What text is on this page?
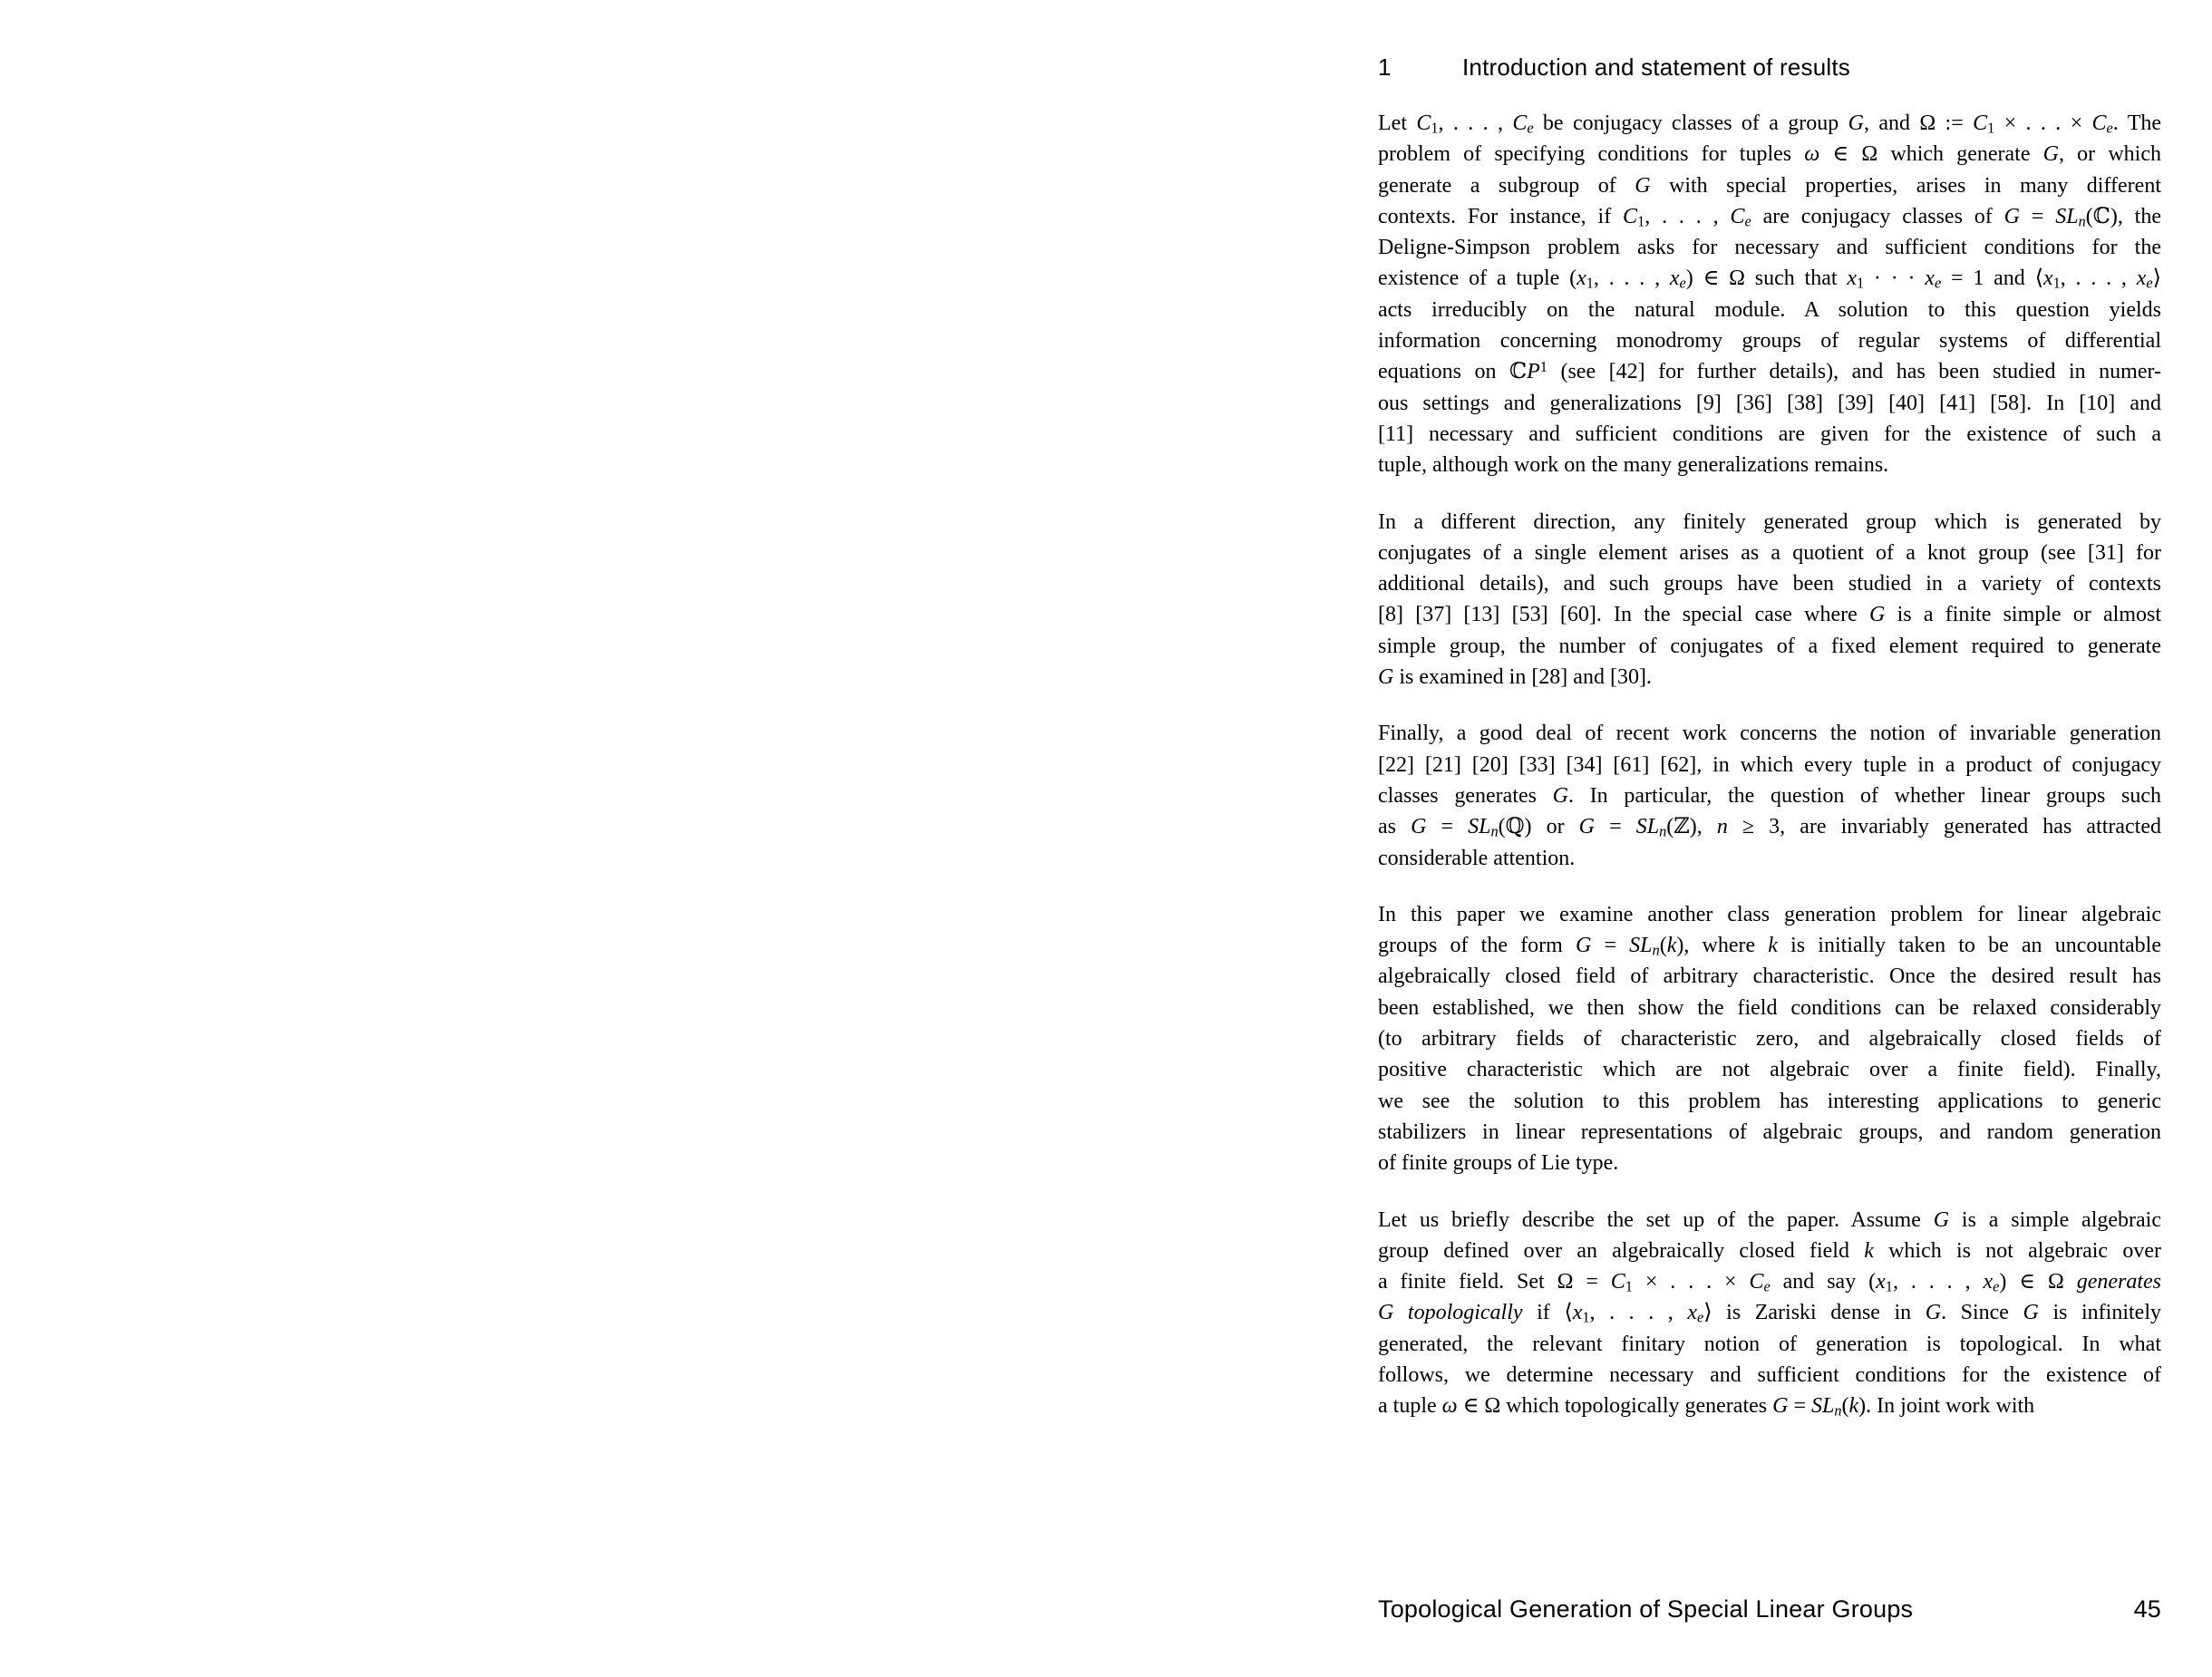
1	Introduction and statement of results
Let $C_1$, . . . , $C_e$ be conjugacy classes of a group G, and Ω := $C_1$ × . . . × $C_e$. The
problem of specifying conditions for tuples ω ∈ Ω which generate G, or which
generate a subgroup of G with special properties, arises in many different
contexts. For instance, if $C_1$, . . . , $C_e$ are conjugacy classes of $G = SL_n(ℂ)$, the
Deligne-Simpson problem asks for necessary and sufficient conditions for the
existence of a tuple ($x_1$, . . . , $x_e$) ∈ Ω such that $x_1$ · · · $x_e = 1$ and $⟨x_1$, . . . , $x_e⟩$
acts irreducibly on the natural module. A solution to this question yields
information concerning monodromy groups of regular systems of differential
equations on ℂP$^1$ (see [42] for further details), and has been studied in numer-
ous settings and generalizations [9] [36] [38] [39] [40] [41] [58]. In [10] and
[11] necessary and sufficient conditions are given for the existence of such a
tuple, although work on the many generalizations remains.
In a different direction, any finitely generated group which is generated by
conjugates of a single element arises as a quotient of a knot group (see [31] for
additional details), and such groups have been studied in a variety of contexts
[8] [37] [13] [53] [60]. In the special case where G is a finite simple or almost
simple group, the number of conjugates of a fixed element required to generate
G is examined in [28] and [30].
Finally, a good deal of recent work concerns the notion of invariable generation
[22] [21] [20] [33] [34] [61] [62], in which every tuple in a product of conjugacy
classes generates G. In particular, the question of whether linear groups such
as $G = SL_n(ℚ)$ or $G = SL_n(ℤ)$, n ≥ 3, are invariably generated has attracted
considerable attention.
In this paper we examine another class generation problem for linear algebraic
groups of the form $G = SL_n(k)$, where k is initially taken to be an uncountable
algebraically closed field of arbitrary characteristic. Once the desired result has
been established, we then show the field conditions can be relaxed considerably
(to arbitrary fields of characteristic zero, and algebraically closed fields of
positive characteristic which are not algebraic over a finite field). Finally,
we see the solution to this problem has interesting applications to generic
stabilizers in linear representations of algebraic groups, and random generation
of finite groups of Lie type.
Let us briefly describe the set up of the paper. Assume G is a simple algebraic
group defined over an algebraically closed field k which is not algebraic over
a finite field. Set $\Omega = C_1$ × . . . × $C_e$ and say ($x_1$, . . . , $x_e$) ∈ Ω generates
G topologically if $⟨x_1$, . . . , $x_e⟩$ is Zariski dense in G. Since G is infinitely
generated, the relevant finitary notion of generation is topological. In what
follows, we determine necessary and sufficient conditions for the existence of
a tuple ω ∈ Ω which topologically generates $G = SL_n(k)$. In joint work with
Topological Generation of Special Linear Groups	45
